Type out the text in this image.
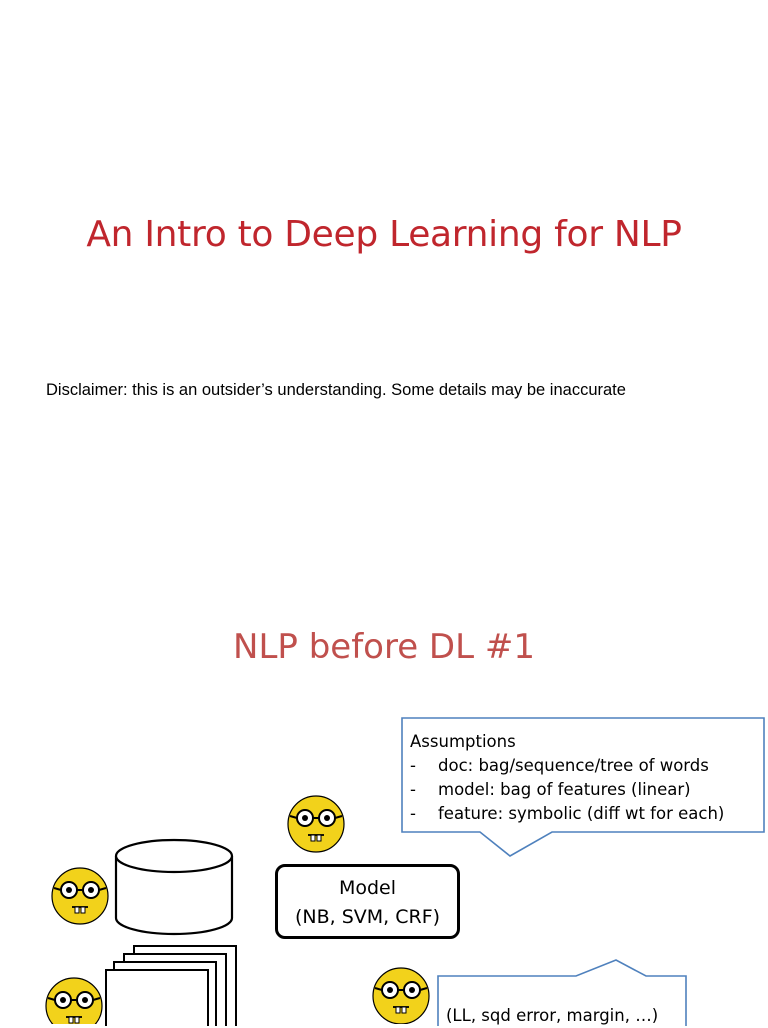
An Intro to Deep Learning for NLP
Disclaimer: this is an outsider’s understanding. Some details may be inaccurate
NLP before DL #1
Assumptions
-	doc: bag/sequence/tree of words
-	model: bag of features (linear)
-	feature: symbolic (diff wt for each)
Model
(NB, SVM, CRF)
(LL, sqd error, margin, …)
